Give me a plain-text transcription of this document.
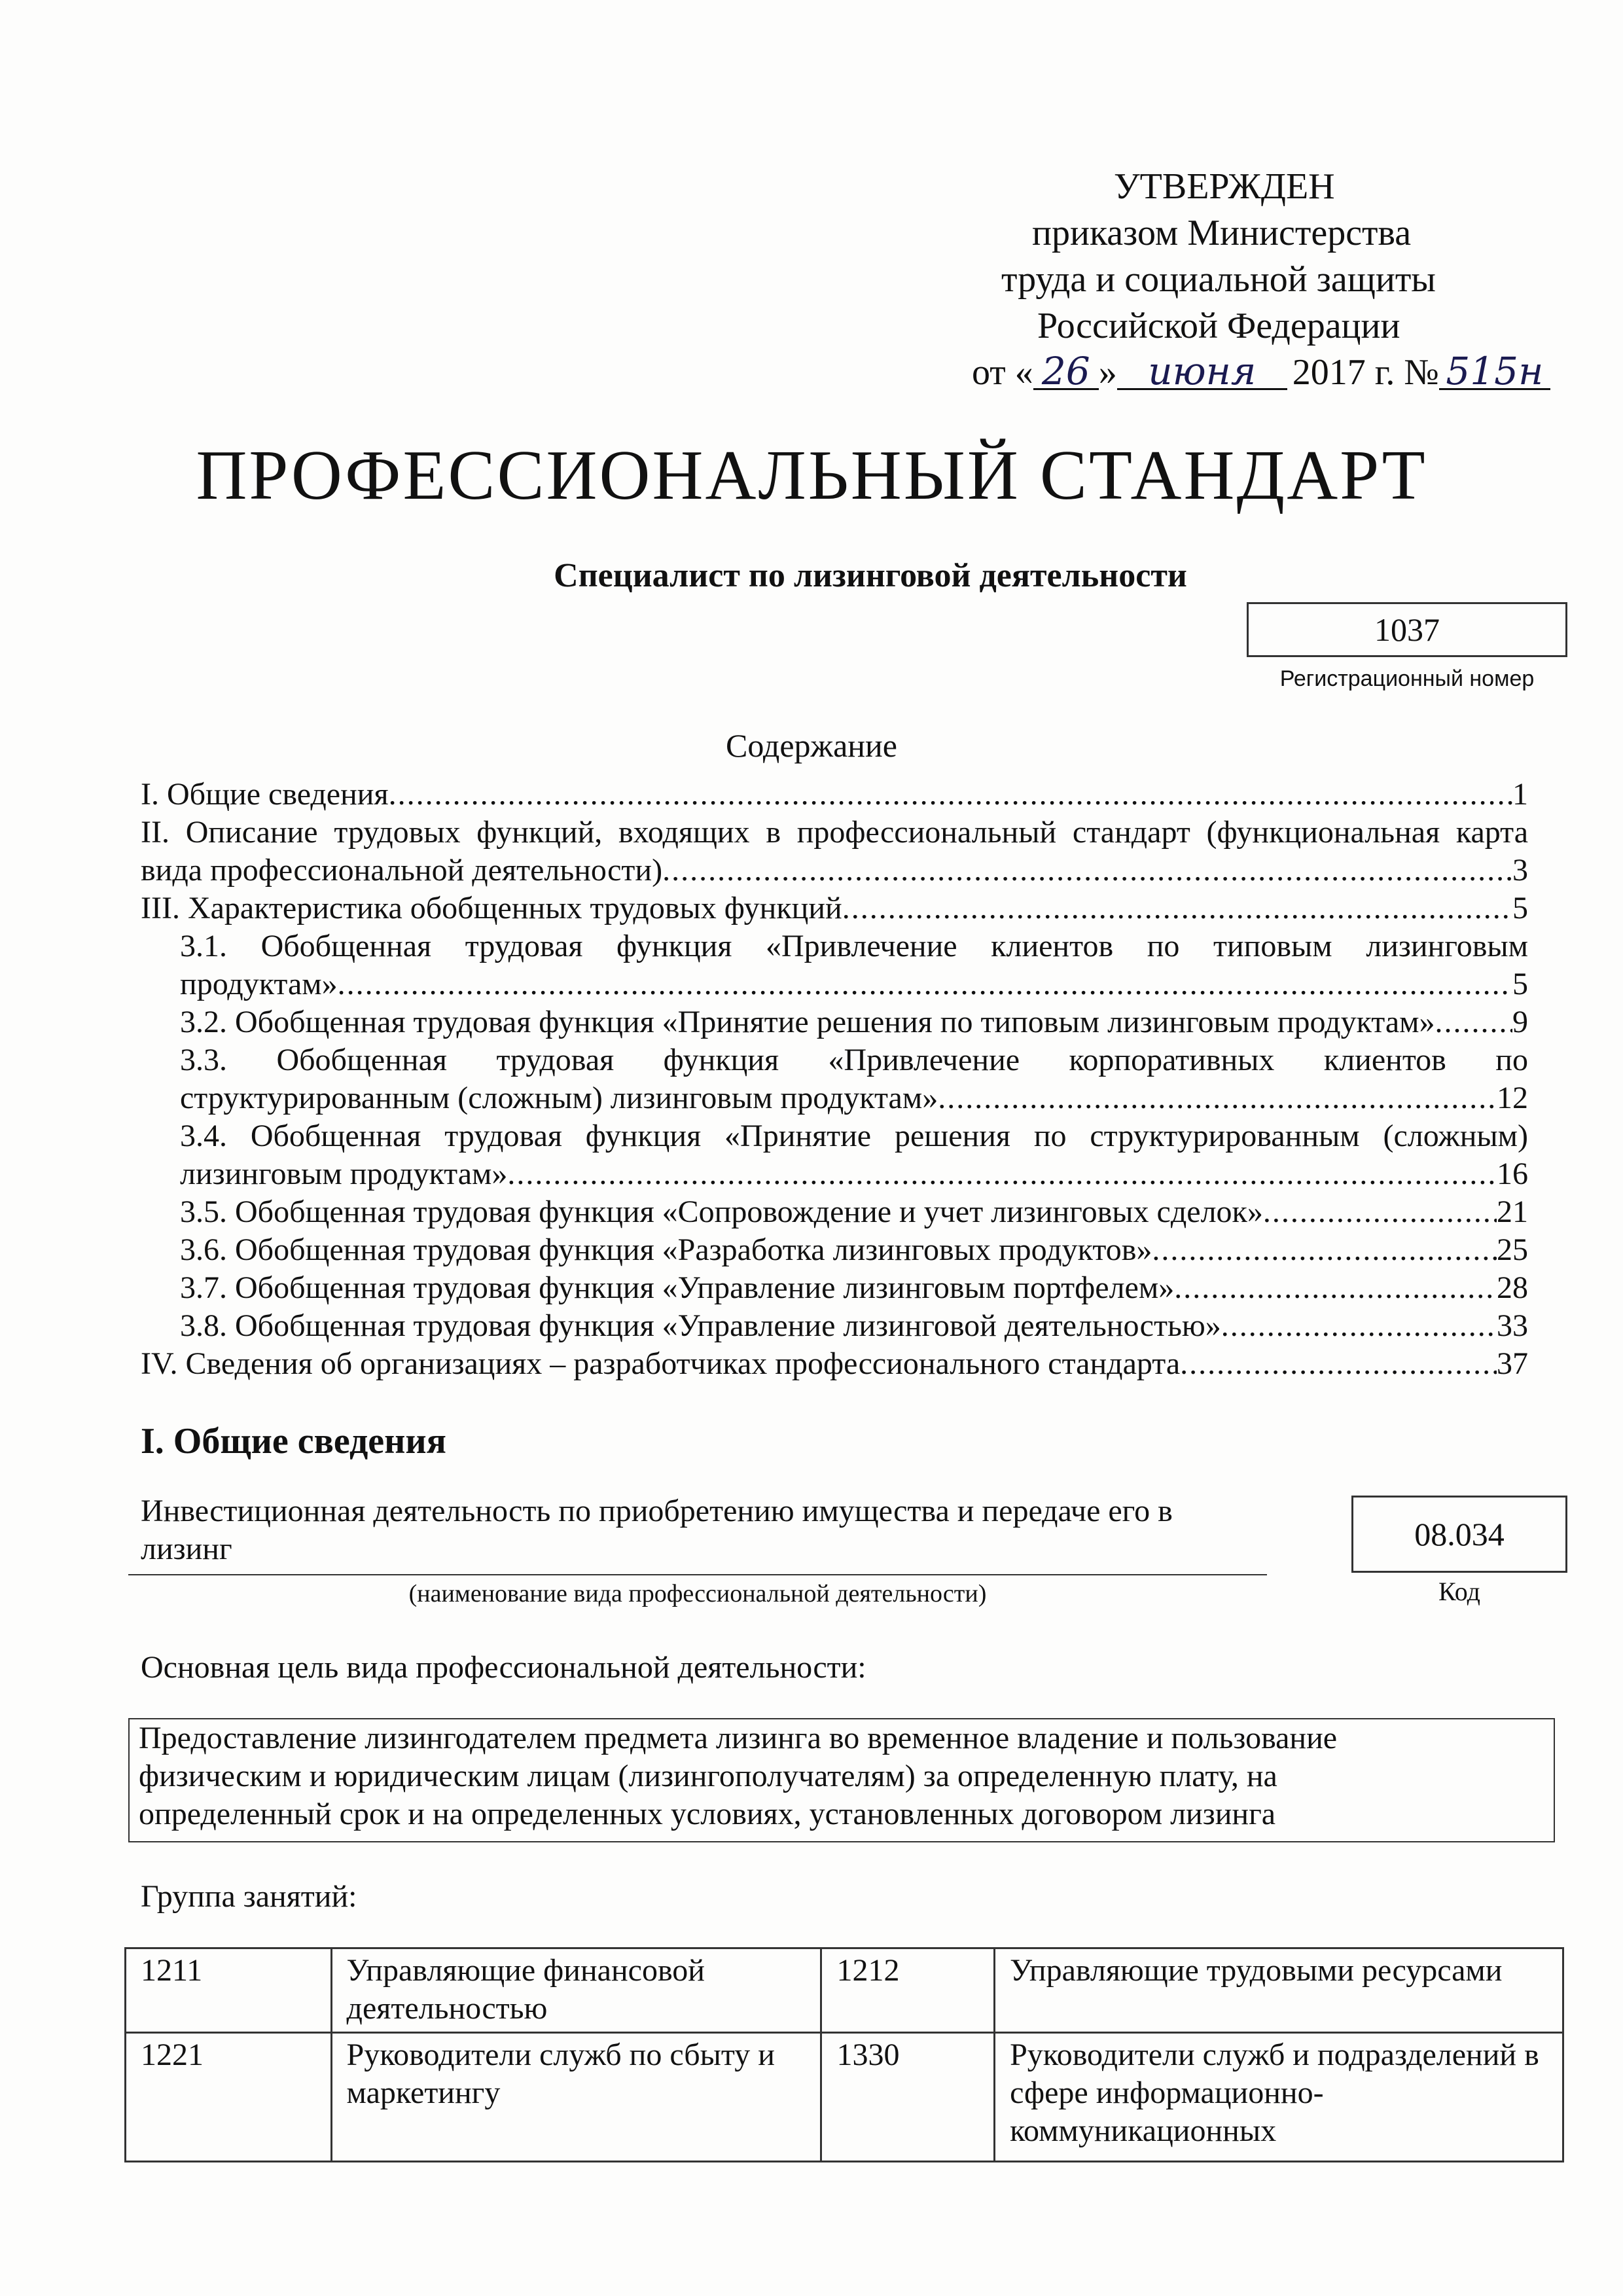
УТВЕРЖДЕН
приказом Министерства
труда и социальной защиты
Российской Федерации
от « 26 » июня 2017 г. № 515н
ПРОФЕССИОНАЛЬНЫЙ СТАНДАРТ
Специалист по лизинговой деятельности
1037
Регистрационный номер
Содержание
I. Общие сведения .....	1
II. Описание трудовых функций, входящих в профессиональный стандарт (функциональная карта
вида профессиональной деятельности) .....	3
III. Характеристика обобщенных трудовых функций .....	5
3.1. Обобщенная трудовая функция «Привлечение клиентов по типовым лизинговым
продуктам» .....	5
3.2. Обобщенная трудовая функция «Принятие решения по типовым лизинговым продуктам» ..... 9
3.3. Обобщенная трудовая функция «Привлечение корпоративных клиентов по
структурированным (сложным) лизинговым продуктам» .....	12
3.4. Обобщенная трудовая функция «Принятие решения по структурированным (сложным)
лизинговым продуктам» .....	16
3.5. Обобщенная трудовая функция «Сопровождение и учет лизинговых сделок» .....	21
3.6. Обобщенная трудовая функция «Разработка лизинговых продуктов» .....	25
3.7. Обобщенная трудовая функция «Управление лизинговым портфелем» .....	28
3.8. Обобщенная трудовая функция «Управление лизинговой деятельностью» .....	33
IV. Сведения об организациях – разработчиках профессионального стандарта .....	37
I. Общие сведения
Инвестиционная деятельность по приобретению имущества и передаче его в
лизинг
(наименование вида профессиональной деятельности)
08.034
Код
Основная цель вида профессиональной деятельности:
Предоставление лизингодателем предмета лизинга во временное владение и пользование
физическим и юридическим лицам (лизингополучателям) за определенную плату, на
определенный срок и на определенных условиях, установленных договором лизинга
Группа занятий:
1211	Управляющие финансовой деятельностью	1212	Управляющие трудовыми ресурсами
1221	Руководители служб по сбыту и маркетингу	1330	Руководители служб и подразделений в сфере информационно-коммуникационных
